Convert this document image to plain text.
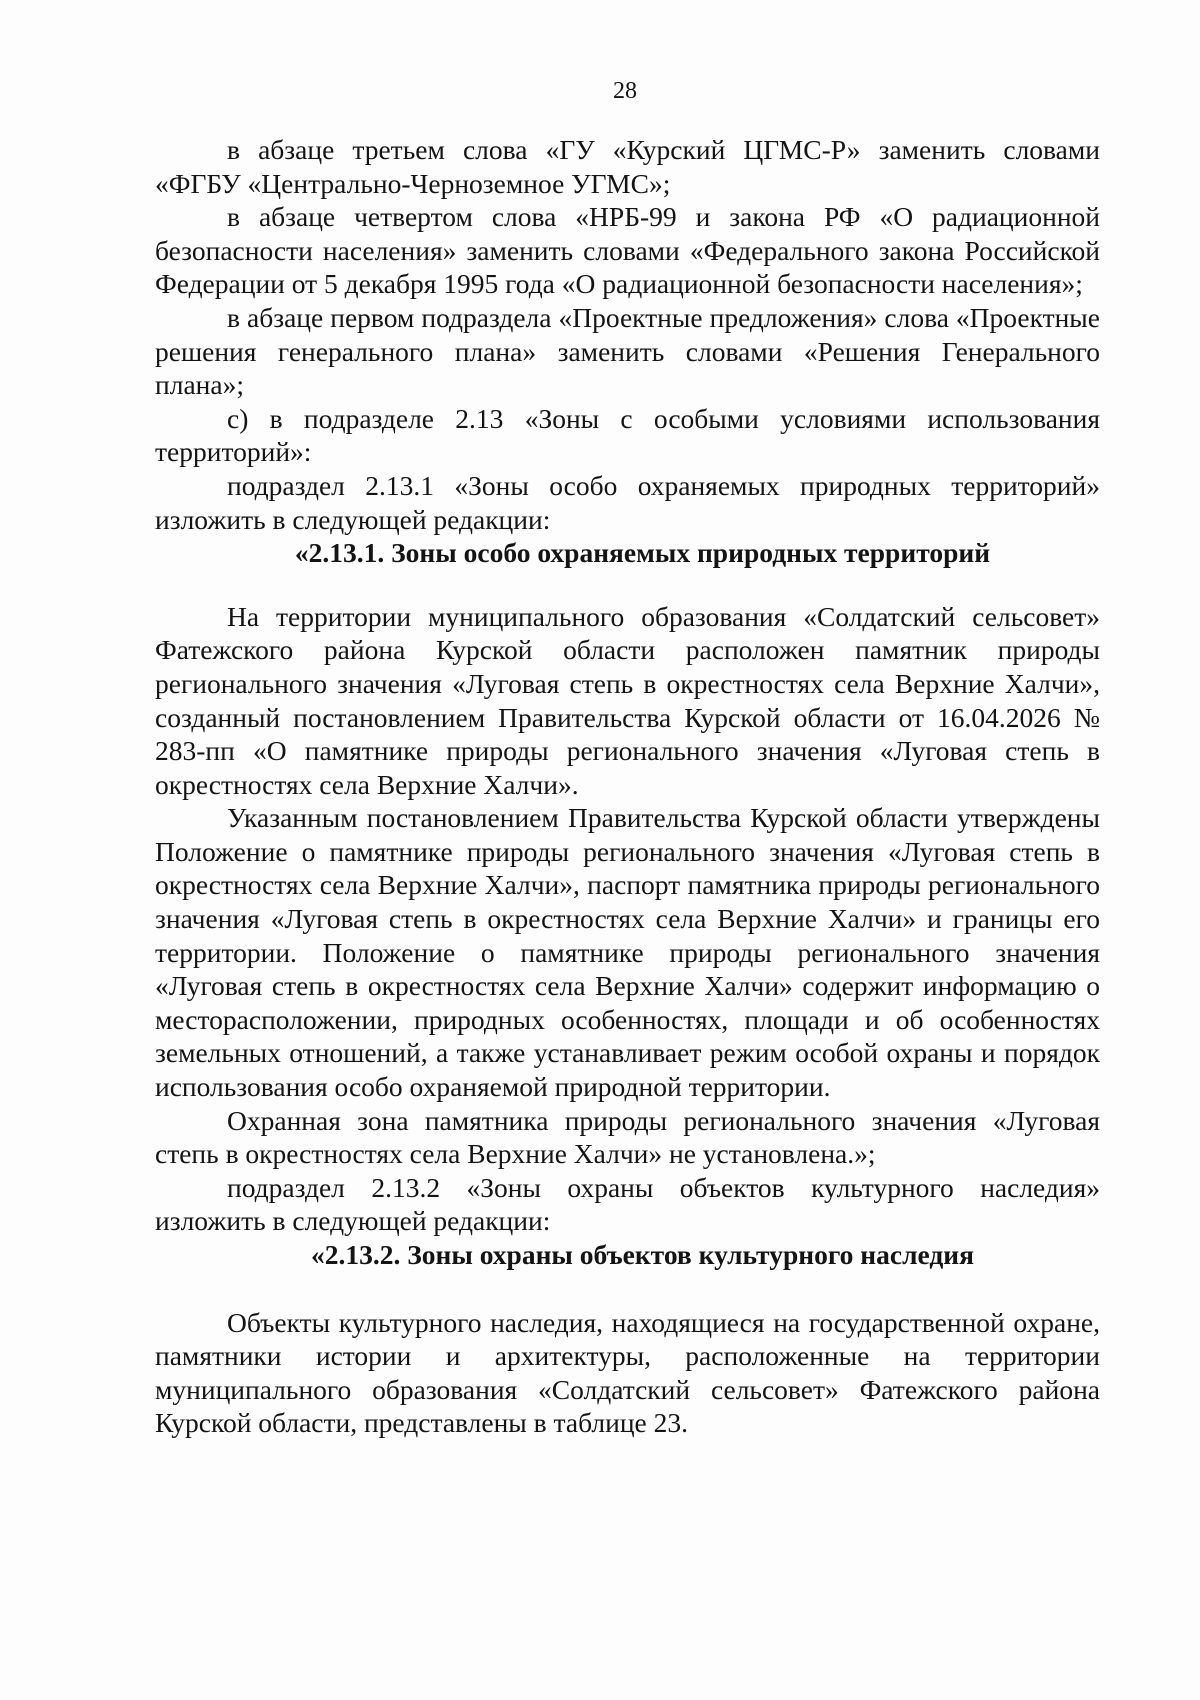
28

в абзаце третьем слова «ГУ «Курский ЦГМС-Р» заменить словами «ФГБУ «Центрально-Черноземное УГМС»;

в абзаце четвертом слова «НРБ-99 и закона РФ «О радиационной безопасности населения» заменить словами «Федерального закона Российской Федерации от 5 декабря 1995 года «О радиационной безопасности населения»;

в абзаце первом подраздела «Проектные предложения» слова «Проектные решения генерального плана» заменить словами «Решения Генерального плана»;

с) в подразделе 2.13 «Зоны с особыми условиями использования территорий»:

подраздел 2.13.1 «Зоны особо охраняемых природных территорий» изложить в следующей редакции:

«2.13.1. Зоны особо охраняемых природных территорий

На территории муниципального образования «Солдатский сельсовет» Фатежского района Курской области расположен памятник природы регионального значения «Луговая степь в окрестностях села Верхние Халчи», созданный постановлением Правительства Курской области от 16.04.2026 № 283-пп «О памятнике природы регионального значения «Луговая степь в окрестностях села Верхние Халчи».

Указанным постановлением Правительства Курской области утверждены Положение о памятнике природы регионального значения «Луговая степь в окрестностях села Верхние Халчи», паспорт памятника природы регионального значения «Луговая степь в окрестностях села Верхние Халчи» и границы его территории. Положение о памятнике природы регионального значения «Луговая степь в окрестностях села Верхние Халчи» содержит информацию о месторасположении, природных особенностях, площади и об особенностях земельных отношений, а также устанавливает режим особой охраны и порядок использования особо охраняемой природной территории.

Охранная зона памятника природы регионального значения «Луговая степь в окрестностях села Верхние Халчи» не установлена.»;

подраздел 2.13.2 «Зоны охраны объектов культурного наследия» изложить в следующей редакции:

«2.13.2. Зоны охраны объектов культурного наследия

Объекты культурного наследия, находящиеся на государственной охране, памятники истории и архитектуры, расположенные на территории муниципального образования «Солдатский сельсовет» Фатежского района Курской области, представлены в таблице 23.
